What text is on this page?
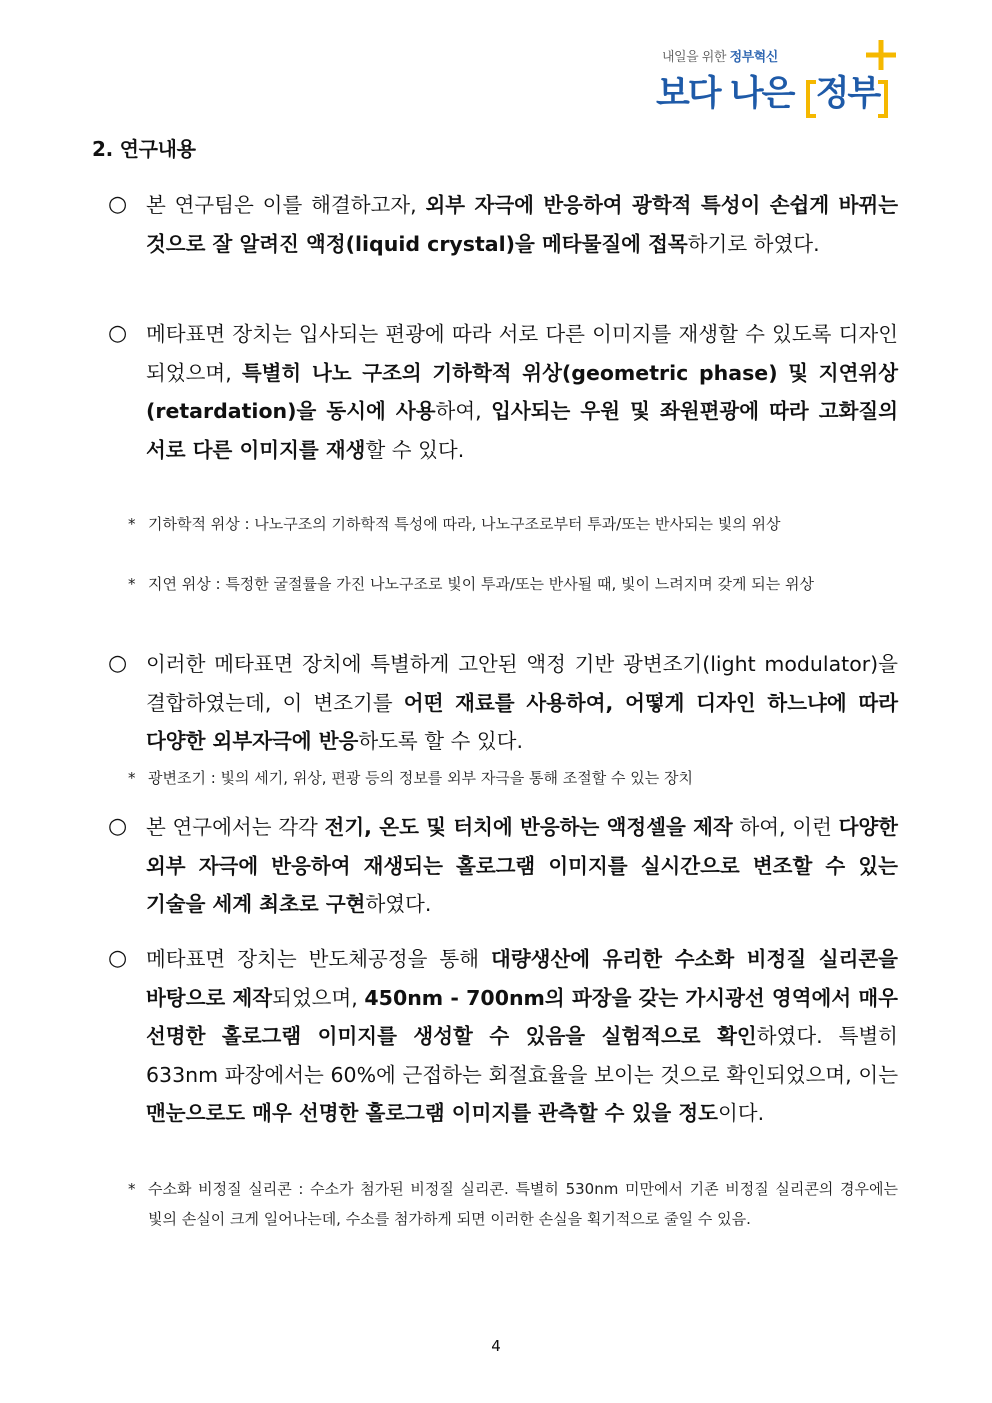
내일을 위한 정부혁신
보다 나은 정부
2. 연구내용
○ 본 연구팀은 이를 해결하고자, 외부 자극에 반응하여 광학적 특성이 손쉽게 바뀌는 것으로 잘 알려진 액정(liquid crystal)을 메타물질에 접목하기로 하였다.
○ 메타표면 장치는 입사되는 편광에 따라 서로 다른 이미지를 재생할 수 있도록 디자인 되었으며, 특별히 나노 구조의 기하학적 위상(geometric phase) 및 지연위상(retardation)을 동시에 사용하여, 입사되는 우원 및 좌원편광에 따라 고화질의 서로 다른 이미지를 재생할 수 있다.
* 기하학적 위상 : 나노구조의 기하학적 특성에 따라, 나노구조로부터 투과/또는 반사되는 빛의 위상
* 지연 위상 : 특정한 굴절률을 가진 나노구조로 빛이 투과/또는 반사될 때, 빛이 느려지며 갖게 되는 위상
○ 이러한 메타표면 장치에 특별하게 고안된 액정 기반 광변조기(light modulator)을 결합하였는데, 이 변조기를 어떤 재료를 사용하여, 어떻게 디자인 하느냐에 따라 다양한 외부자극에 반응하도록 할 수 있다.
* 광변조기 : 빛의 세기, 위상, 편광 등의 정보를 외부 자극을 통해 조절할 수 있는 장치
○ 본 연구에서는 각각 전기, 온도 및 터치에 반응하는 액정셀을 제작 하여, 이런 다양한 외부 자극에 반응하여 재생되는 홀로그램 이미지를 실시간으로 변조할 수 있는 기술을 세계 최초로 구현하였다.
○ 메타표면 장치는 반도체공정을 통해 대량생산에 유리한 수소화 비정질 실리콘을 바탕으로 제작되었으며, 450nm - 700nm의 파장을 갖는 가시광선 영역에서 매우 선명한 홀로그램 이미지를 생성할 수 있음을 실험적으로 확인하였다. 특별히 633nm 파장에서는 60%에 근접하는 회절효율을 보이는 것으로 확인되었으며, 이는 맨눈으로도 매우 선명한 홀로그램 이미지를 관측할 수 있을 정도이다.
* 수소화 비정질 실리콘 : 수소가 첨가된 비정질 실리콘. 특별히 530nm 미만에서 기존 비정질 실리콘의 경우에는 빛의 손실이 크게 일어나는데, 수소를 첨가하게 되면 이러한 손실을 획기적으로 줄일 수 있음.
4
